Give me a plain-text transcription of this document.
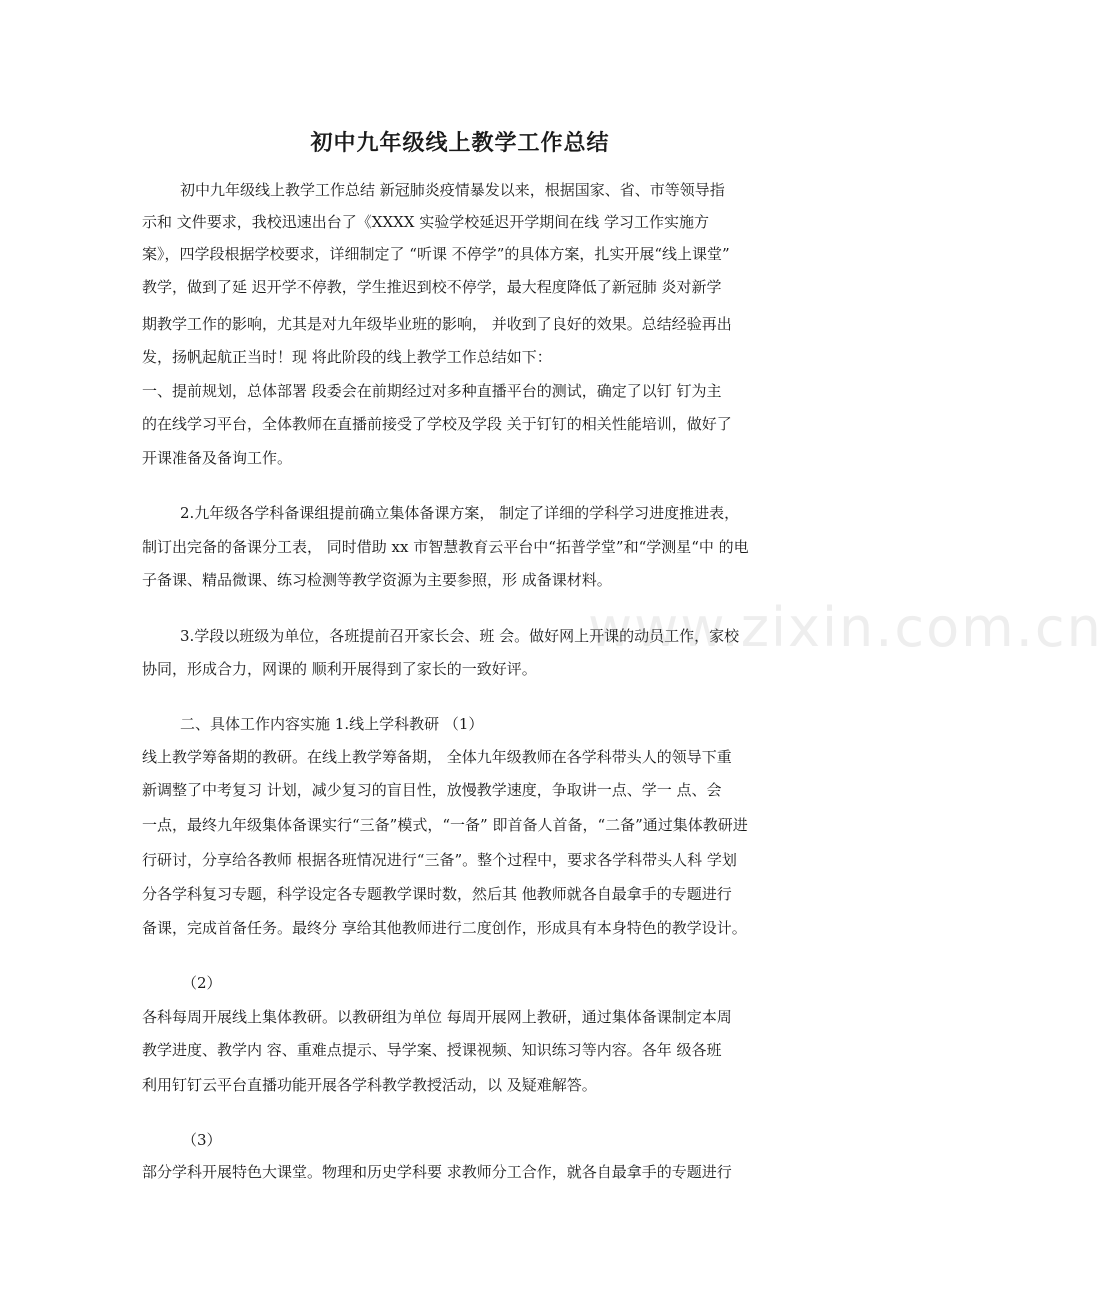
www.zixin.com.cn
初中九年级线上教学工作总结
初中九年级线上教学工作总结 新冠肺炎疫情暴发以来，根据国家、省、市等领导指
示和 文件要求，我校迅速出台了《XXXX 实验学校延迟开学期间在线 学习工作实施方
案》，四学段根据学校要求，详细制定了 “听课 不停学”的具体方案，扎实开展“线上课堂”
教学，做到了延 迟开学不停教，学生推迟到校不停学，最大程度降低了新冠肺 炎对新学
期教学工作的影响，尤其是对九年级毕业班的影响， 并收到了良好的效果。总结经验再出
发，扬帆起航正当时！现 将此阶段的线上教学工作总结如下：
一、提前规划，总体部署 段委会在前期经过对多种直播平台的测试，确定了以钉 钉为主
的在线学习平台，全体教师在直播前接受了学校及学段 关于钉钉的相关性能培训，做好了
开课准备及备询工作。
2.九年级各学科备课组提前确立集体备课方案， 制定了详细的学科学习进度推进表，
制订出完备的备课分工表， 同时借助 xx 市智慧教育云平台中“拓普学堂”和“学测星“中 的电
子备课、精品微课、练习检测等教学资源为主要参照，形 成备课材料。
3.学段以班级为单位，各班提前召开家长会、班 会。做好网上开课的动员工作，家校
协同，形成合力，网课的 顺利开展得到了家长的一致好评。
二、具体工作内容实施 1.线上学科教研 （1）
线上教学筹备期的教研。在线上教学筹备期， 全体九年级教师在各学科带头人的领导下重
新调整了中考复习 计划，减少复习的盲目性，放慢教学速度，争取讲一点、学一 点、会
一点，最终九年级集体备课实行“三备”模式，“一备” 即首备人首备，“二备”通过集体教研进
行研讨，分享给各教师 根据各班情况进行“三备”。整个过程中，要求各学科带头人科 学划
分各学科复习专题，科学设定各专题教学课时数，然后其 他教师就各自最拿手的专题进行
备课，完成首备任务。最终分 享给其他教师进行二度创作，形成具有本身特色的教学设计。
（2）
各科每周开展线上集体教研。以教研组为单位 每周开展网上教研，通过集体备课制定本周
教学进度、教学内 容、重难点提示、导学案、授课视频、知识练习等内容。各年 级各班
利用钉钉云平台直播功能开展各学科教学教授活动，以 及疑难解答。
（3）
部分学科开展特色大课堂。物理和历史学科要 求教师分工合作，就各自最拿手的专题进行
